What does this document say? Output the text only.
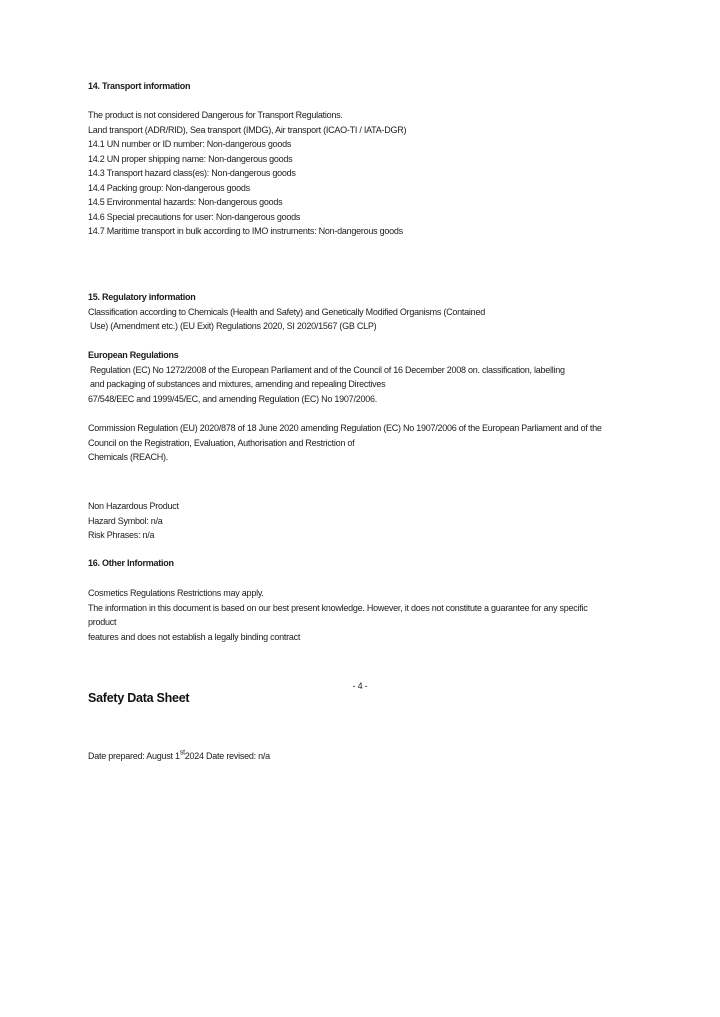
14. Transport information
The product is not considered Dangerous for Transport Regulations.
Land transport (ADR/RID), Sea transport (IMDG), Air transport (ICAO-TI / IATA-DGR)
14.1 UN number or ID number: Non-dangerous goods
14.2 UN proper shipping name: Non-dangerous goods
14.3 Transport hazard class(es): Non-dangerous goods
14.4 Packing group: Non-dangerous goods
14.5 Environmental hazards: Non-dangerous goods
14.6 Special precautions for user: Non-dangerous goods
14.7 Maritime transport in bulk according to IMO instruments: Non-dangerous goods
15. Regulatory information
Classification according to Chemicals (Health and Safety) and Genetically Modified Organisms (Contained
Use) (Amendment etc.) (EU Exit) Regulations 2020, SI 2020/1567 (GB CLP)
European Regulations
Regulation (EC) No 1272/2008 of the European Parliament and of the Council of 16 December 2008 on. classification, labelling
and packaging of substances and mixtures, amending and repealing Directives
67/548/EEC and 1999/45/EC, and amending Regulation (EC) No 1907/2006.
Commission Regulation (EU) 2020/878 of 18 June 2020 amending Regulation (EC) No 1907/2006 of the European Parliament and of the
Council on the Registration, Evaluation, Authorisation and Restriction of
Chemicals (REACH).
Non Hazardous Product
Hazard Symbol: n/a
Risk Phrases: n/a
16. Other Information
Cosmetics Regulations Restrictions may apply.
The information in this document is based on our best present knowledge. However, it does not constitute a guarantee for any specific
product
features and does not establish a legally binding contract
- 4 -
Safety Data Sheet
Date prepared: August 1st2024 Date revised: n/a
